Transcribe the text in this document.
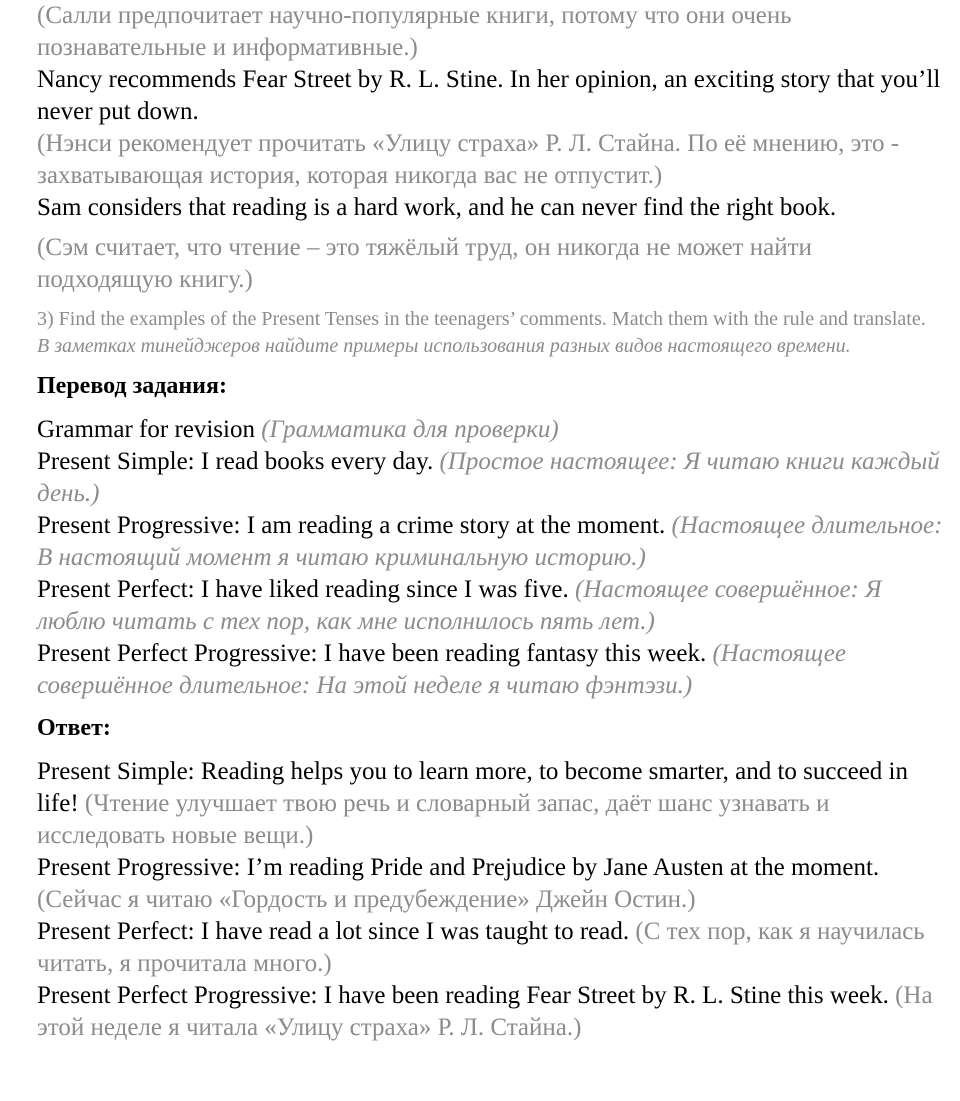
(Салли предпочитает научно-популярные книги, потому что они очень познавательные и информативные.)

Nancy recommends Fear Street by R. L. Stine. In her opinion, an exciting story that you’ll never put down.

(Нэнси рекомендует прочитать «Улицу страха» Р. Л. Стайна. По её мнению, это - захватывающая история, которая никогда вас не отпустит.)

Sam considers that reading is a hard work, and he can never find the right book.

(Сэм считает, что чтение – это тяжёлый труд, он никогда не может найти подходящую книгу.)

3) Find the examples of the Present Tenses in the teenagers’ comments. Match them with the rule and translate.

В заметках тинейджеров найдите примеры использования разных видов настоящего времени.

Перевод задания:

Grammar for revision (Грамматика для проверки)

Present Simple: I read books every day. (Простое настоящее: Я читаю книги каждый день.)

Present Progressive: I am reading a crime story at the moment. (Настоящее длительное: В настоящий момент я читаю криминальную историю.)

Present Perfect: I have liked reading since I was five. (Настоящее совершённое: Я люблю читать с тех пор, как мне исполнилось пять лет.)

Present Perfect Progressive: I have been reading fantasy this week. (Настоящее совершённое длительное: На этой неделе я читаю фэнтэзи.)

Ответ:

Present Simple: Reading helps you to learn more, to become smarter, and to succeed in life! (Чтение улучшает твою речь и словарный запас, даёт шанс узнавать и исследовать новые вещи.)

Present Progressive: I’m reading Pride and Prejudice by Jane Austen at the moment. (Сейчас я читаю «Гордость и предубеждение» Джейн Остин.)

Present Perfect: I have read a lot since I was taught to read. (С тех пор, как я научилась читать, я прочитала много.)

Present Perfect Progressive: I have been reading Fear Street by R. L. Stine this week. (На этой неделе я читала «Улицу страха» Р. Л. Стайна.)
